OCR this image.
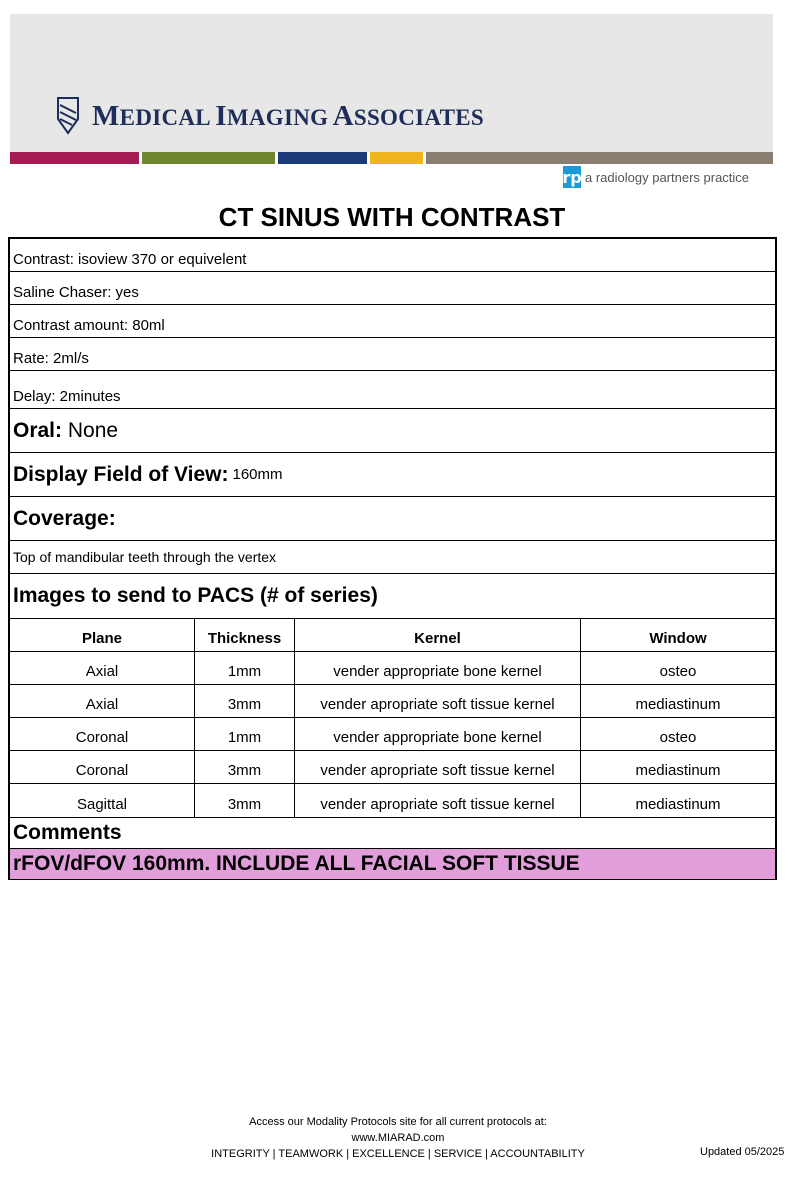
MEDICAL IMAGING ASSOCIATES
rp a radiology partners practice
CT SINUS WITH CONTRAST
Contrast: isoview 370 or equivelent
Saline Chaser: yes
Contrast amount: 80ml
Rate: 2ml/s
Delay: 2minutes
Oral:
None
Display Field of View: 160mm
Coverage:
Top of mandibular teeth through the vertex
Images to send to PACS (# of series)
Plane	Thickness	Kernel	Window
Axial	1mm	vender appropriate bone kernel	osteo
Axial	3mm	vender apropriate soft tissue kernel	mediastinum
Coronal	1mm	vender appropriate bone kernel	osteo
Coronal	3mm	vender apropriate soft tissue kernel	mediastinum
Sagittal	3mm	vender apropriate soft tissue kernel	mediastinum
Comments
rFOV/dFOV 160mm. INCLUDE ALL FACIAL SOFT TISSUE
Access our Modality Protocols site for all current protocols at:
www.MIARAD.com
INTEGRITY | TEAMWORK | EXCELLENCE | SERVICE | ACCOUNTABILITY	Updated 05/2025
